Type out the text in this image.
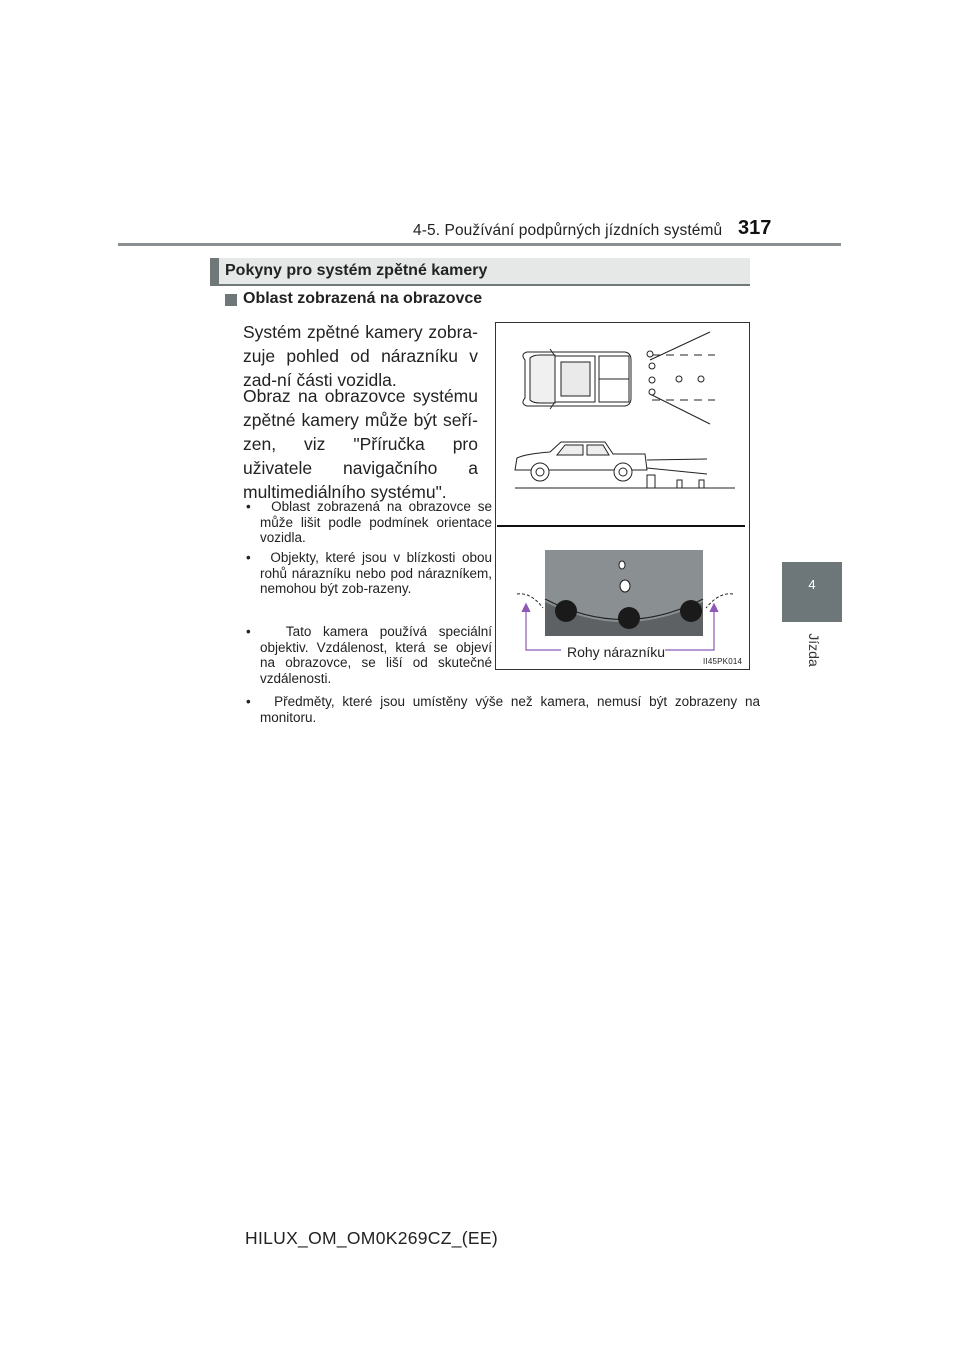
4-5. Používání podpůrných jízdních systémů 317
4
Jízda
Pokyny pro systém zpětné kamery
Oblast zobrazená na obrazovce
Systém zpětné kamery zobra-zuje pohled od nárazníku v zad-ní části vozidla.
Obraz na obrazovce systému zpětné kamery může být seří-zen, viz "Příručka pro uživatele navigačního a multimediálního systému".
•   Oblast zobrazená na obrazovce se může lišit podle podmínek orientace vozidla.
•   Objekty, které jsou v blízkosti obou rohů nárazníku nebo pod nárazníkem, nemohou být zob-razeny.
•   Tato kamera používá speciální objektiv. Vzdálenost, která se objeví na obrazovce, se liší od skutečné vzdálenosti.
•   Předměty, které jsou umístěny výše než kamera, nemusí být zobrazeny na monitoru.
Rohy nárazníku
II45PK014
HILUX_OM_OM0K269CZ_(EE)
